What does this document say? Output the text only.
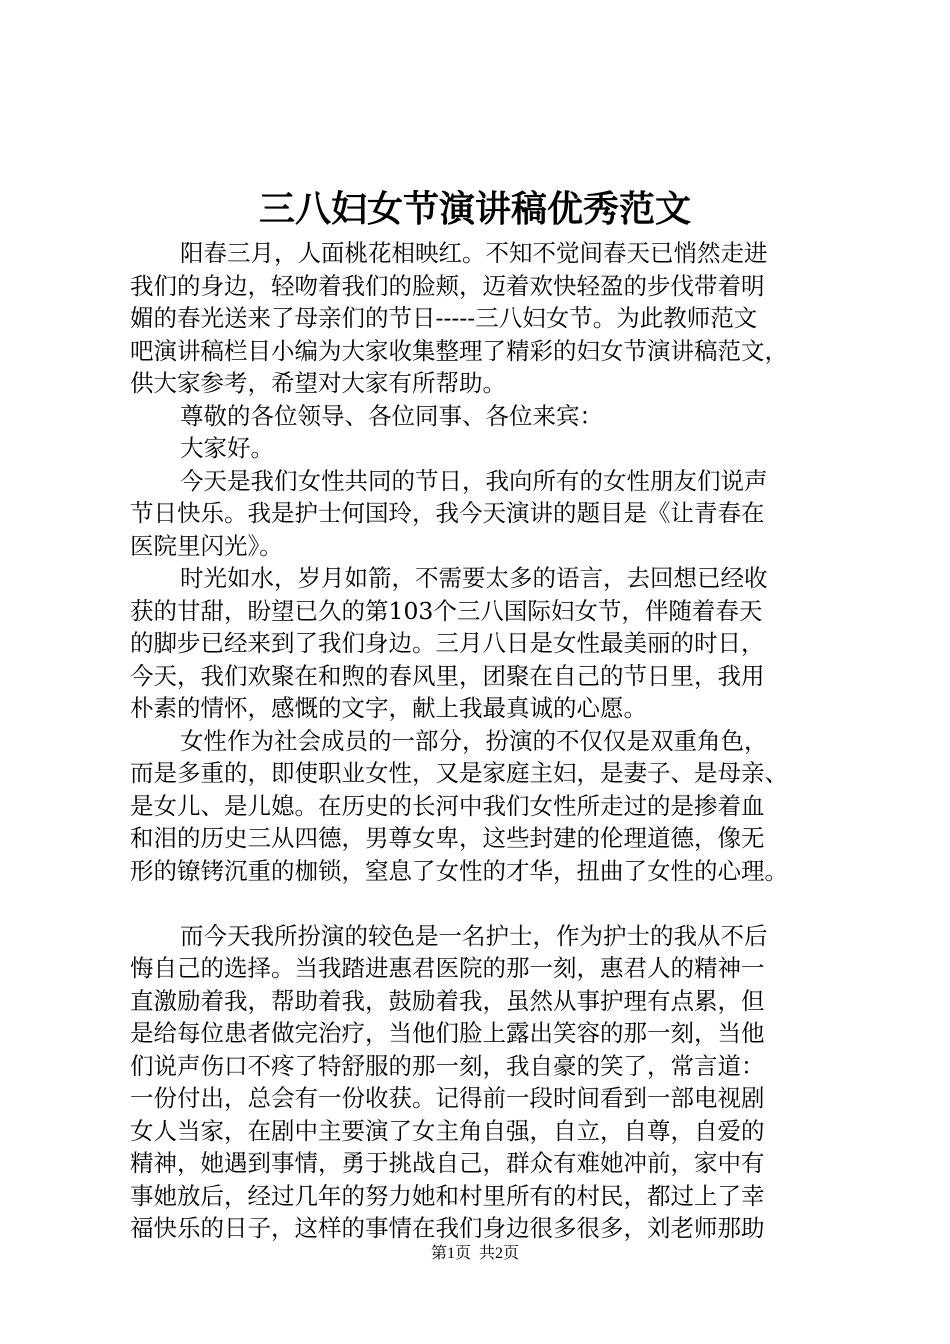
三八妇女节演讲稿优秀范文

阳春三月，人面桃花相映红。不知不觉间春天已悄然走进

我们的身边，轻吻着我们的脸颊，迈着欢快轻盈的步伐带着明

媚的春光送来了母亲们的节日-----三八妇女节。为此教师范文

吧演讲稿栏目小编为大家收集整理了精彩的妇女节演讲稿范文，

供大家参考，希望对大家有所帮助。

尊敬的各位领导、各位同事、各位来宾：

大家好。

今天是我们女性共同的节日，我向所有的女性朋友们说声

节日快乐。我是护士何国玲，我今天演讲的题目是《让青春在

医院里闪光》。

时光如水，岁月如箭，不需要太多的语言，去回想已经收

获的甘甜，盼望已久的第103个三八国际妇女节，伴随着春天

的脚步已经来到了我们身边。三月八日是女性最美丽的时日，

今天，我们欢聚在和煦的春风里，团聚在自己的节日里，我用

朴素的情怀，感慨的文字，献上我最真诚的心愿。

女性作为社会成员的一部分，扮演的不仅仅是双重角色，

而是多重的，即使职业女性，又是家庭主妇，是妻子、是母亲、

是女儿、是儿媳。在历史的长河中我们女性所走过的是掺着血

和泪的历史三从四德，男尊女卑，这些封建的伦理道德，像无

形的镣铐沉重的枷锁，窒息了女性的才华，扭曲了女性的心理。

而今天我所扮演的较色是一名护士，作为护士的我从不后

悔自己的选择。当我踏进惠君医院的那一刻，惠君人的精神一

直激励着我，帮助着我，鼓励着我，虽然从事护理有点累，但

是给每位患者做完治疗，当他们脸上露出笑容的那一刻，当他

们说声伤口不疼了特舒服的那一刻，我自豪的笑了，常言道：

一份付出，总会有一份收获。记得前一段时间看到一部电视剧

女人当家，在剧中主要演了女主角自强，自立，自尊，自爱的

精神，她遇到事情，勇于挑战自己，群众有难她冲前，家中有

事她放后，经过几年的努力她和村里所有的村民，都过上了幸

福快乐的日子，这样的事情在我们身边很多很多，刘老师那助

第1页 共2页
